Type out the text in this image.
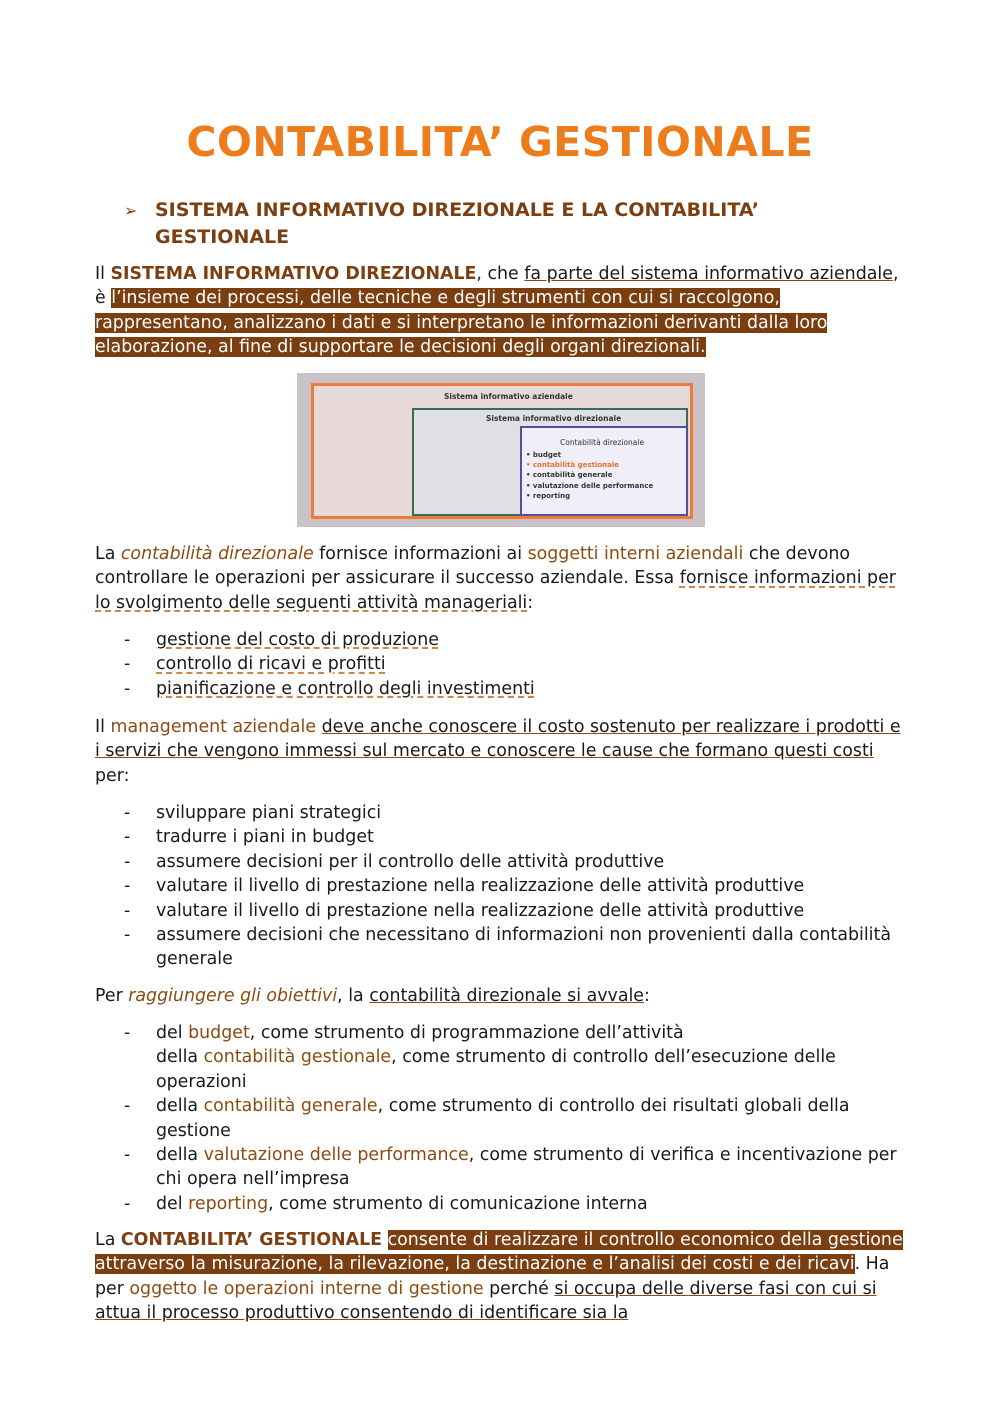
CONTABILITA’ GESTIONALE
➢ SISTEMA INFORMATIVO DIREZIONALE E LA CONTABILITA’ GESTIONALE
Il SISTEMA INFORMATIVO DIREZIONALE, che fa parte del sistema informativo aziendale, è l’insieme dei processi, delle tecniche e degli strumenti con cui si raccolgono, rappresentano, analizzano i dati e si interpretano le informazioni derivanti dalla loro elaborazione, al fine di supportare le decisioni degli organi direzionali.
Sistema informativo aziendale
Sistema informativo direzionale
Contabilità direzionale
• budget
• contabilità gestionale
• contabilità generale
• valutazione delle performance
• reporting
La contabilità direzionale fornisce informazioni ai soggetti interni aziendali che devono controllare le operazioni per assicurare il successo aziendale. Essa fornisce informazioni per lo svolgimento delle seguenti attività manageriali:
- gestione del costo di produzione
- controllo di ricavi e profitti
- pianificazione e controllo degli investimenti
Il management aziendale deve anche conoscere il costo sostenuto per realizzare i prodotti e i servizi che vengono immessi sul mercato e conoscere le cause che formano questi costi per:
- sviluppare piani strategici
- tradurre i piani in budget
- assumere decisioni per il controllo delle attività produttive
- valutare il livello di prestazione nella realizzazione delle attività produttive
- valutare il livello di prestazione nella realizzazione delle attività produttive
- assumere decisioni che necessitano di informazioni non provenienti dalla contabilità generale
Per raggiungere gli obiettivi, la contabilità direzionale si avvale:
- del budget, come strumento di programmazione dell’attività
della contabilità gestionale, come strumento di controllo dell’esecuzione delle operazioni
- della contabilità generale, come strumento di controllo dei risultati globali della gestione
- della valutazione delle performance, come strumento di verifica e incentivazione per chi opera nell’impresa
- del reporting, come strumento di comunicazione interna
La CONTABILITA’ GESTIONALE consente di realizzare il controllo economico della gestione attraverso la misurazione, la rilevazione, la destinazione e l’analisi dei costi e dei ricavi. Ha per oggetto le operazioni interne di gestione perché si occupa delle diverse fasi con cui si attua il processo produttivo consentendo di identificare sia la
